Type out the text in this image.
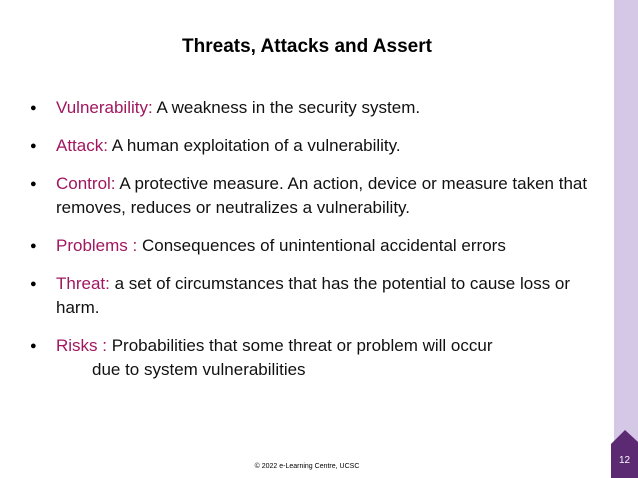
Threats, Attacks and Assert
●	Vulnerability: A weakness in the security system.
●	Attack: A human exploitation of a vulnerability.
●	Control: A protective measure. An action, device or measure taken that removes, reduces or neutralizes a vulnerability.
●	Problems : Consequences of unintentional accidental errors
●	Threat: a set of circumstances that has the potential to cause loss or harm.
●	Risks : Probabilities that some threat or problem will occur
due to system vulnerabilities
© 2022 e-Learning Centre, UCSC
12
